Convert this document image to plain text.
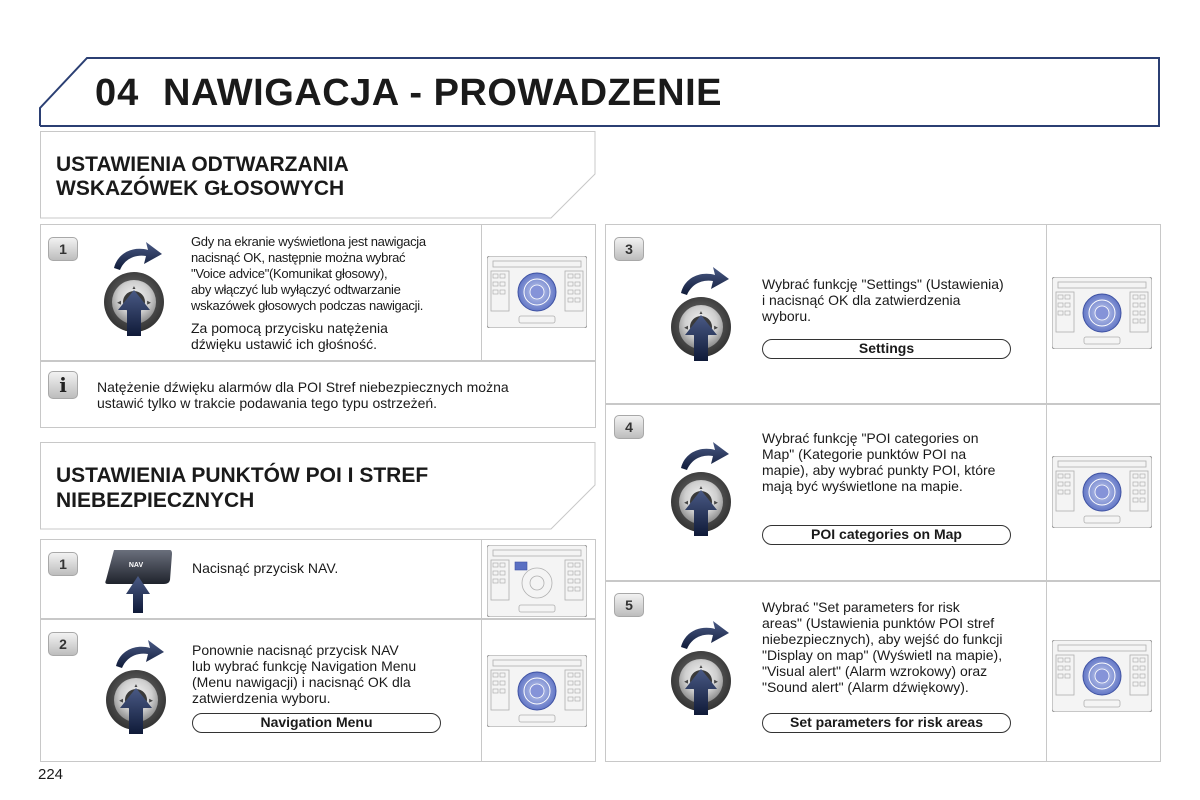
04 NAWIGACJA - PROWADZENIE
USTAWIENIA ODTWARZANIA
WSKAZÓWEK GŁOSOWYCH
1	Gdy na ekranie wyświetlona jest nawigacja
nacisnąć OK, następnie można wybrać
"Voice advice"(Komunikat głosowy),
aby włączyć lub wyłączyć odtwarzanie
wskazówek głosowych podczas nawigacji.
Za pomocą przycisku natężenia
dźwięku ustawić ich głośność.
i	Natężenie dźwięku alarmów dla POI Stref niebezpiecznych można
ustawić tylko w trakcie podawania tego typu ostrzeżeń.
USTAWIENIA PUNKTÓW POI I STREF
NIEBEZPIECZNYCH
1	NAV	Nacisnąć przycisk NAV.
2	Ponownie nacisnąć przycisk NAV
lub wybrać funkcję Navigation Menu
(Menu nawigacji) i nacisnąć OK dla
zatwierdzenia wyboru.
Navigation Menu
3
Wybrać funkcję "Settings" (Ustawienia)
i nacisnąć OK dla zatwierdzenia
wyboru.
Settings
4
Wybrać funkcję "POI categories on
Map" (Kategorie punktów POI na
mapie), aby wybrać punkty POI, które
mają być wyświetlone na mapie.
POI categories on Map
5	Wybrać "Set parameters for risk
areas" (Ustawienia punktów POI stref
niebezpiecznych), aby wejść do funkcji
"Display on map" (Wyświetl na mapie),
"Visual alert" (Alarm wzrokowy) oraz
"Sound alert" (Alarm dźwiękowy).
Set parameters for risk areas
224
